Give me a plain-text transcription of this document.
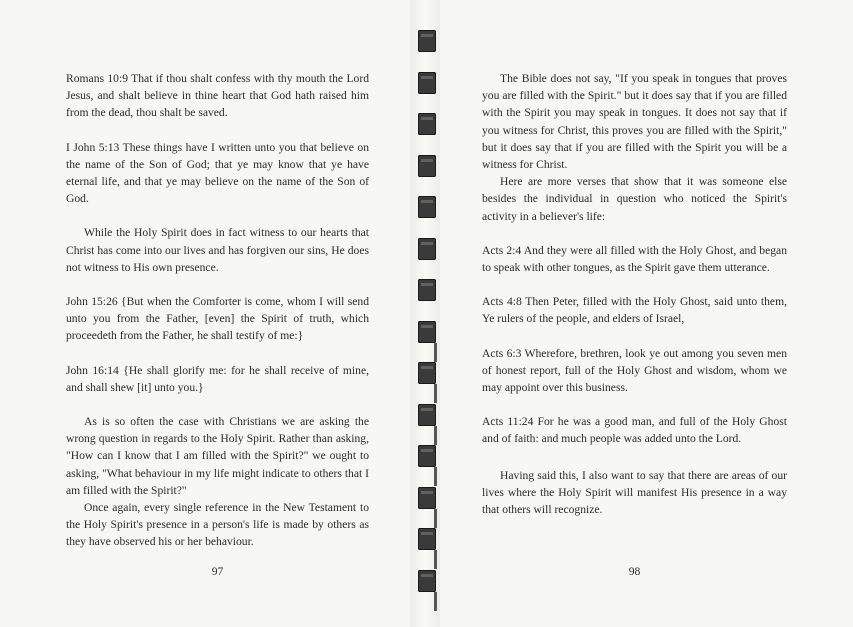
Romans 10:9 That if thou shalt confess with thy mouth the Lord Jesus, and shalt believe in thine heart that God hath raised him from the dead, thou shalt be saved.

I John 5:13 These things have I written unto you that believe on the name of the Son of God; that ye may know that ye have eternal life, and that ye may believe on the name of the Son of God.

While the Holy Spirit does in fact witness to our hearts that Christ has come into our lives and has forgiven our sins, He does not witness to His own presence.

John 15:26 {But when the Comforter is come, whom I will send unto you from the Father, [even] the Spirit of truth, which proceedeth from the Father, he shall testify of me:}

John 16:14 {He shall glorify me: for he shall receive of mine, and shall shew [it] unto you.}

As is so often the case with Christians we are asking the wrong question in regards to the Holy Spirit. Rather than asking, "How can I know that I am filled with the Spirit?" we ought to asking, "What behaviour in my life might indicate to others that I am filled with the Spirit?"

Once again, every single reference in the New Testament to the Holy Spirit's presence in a person's life is made by others as they have observed his or her behaviour.

97

The Bible does not say, "If you speak in tongues that proves you are filled with the Spirit." but it does say that if you are filled with the Spirit you may speak in tongues. It does not say that if you witness for Christ, this proves you are filled with the Spirit," but it does say that if you are filled with the Spirit you will be a witness for Christ.

Here are more verses that show that it was someone else besides the individual in question who noticed the Spirit's activity in a believer's life:

Acts 2:4 And they were all filled with the Holy Ghost, and began to speak with other tongues, as the Spirit gave them utterance.

Acts 4:8 Then Peter, filled with the Holy Ghost, said unto them, Ye rulers of the people, and elders of Israel,

Acts 6:3 Wherefore, brethren, look ye out among you seven men of honest report, full of the Holy Ghost and wisdom, whom we may appoint over this business.

Acts 11:24 For he was a good man, and full of the Holy Ghost and of faith: and much people was added unto the Lord.

Having said this, I also want to say that there are areas of our lives where the Holy Spirit will manifest His presence in a way that others will recognize.

98
